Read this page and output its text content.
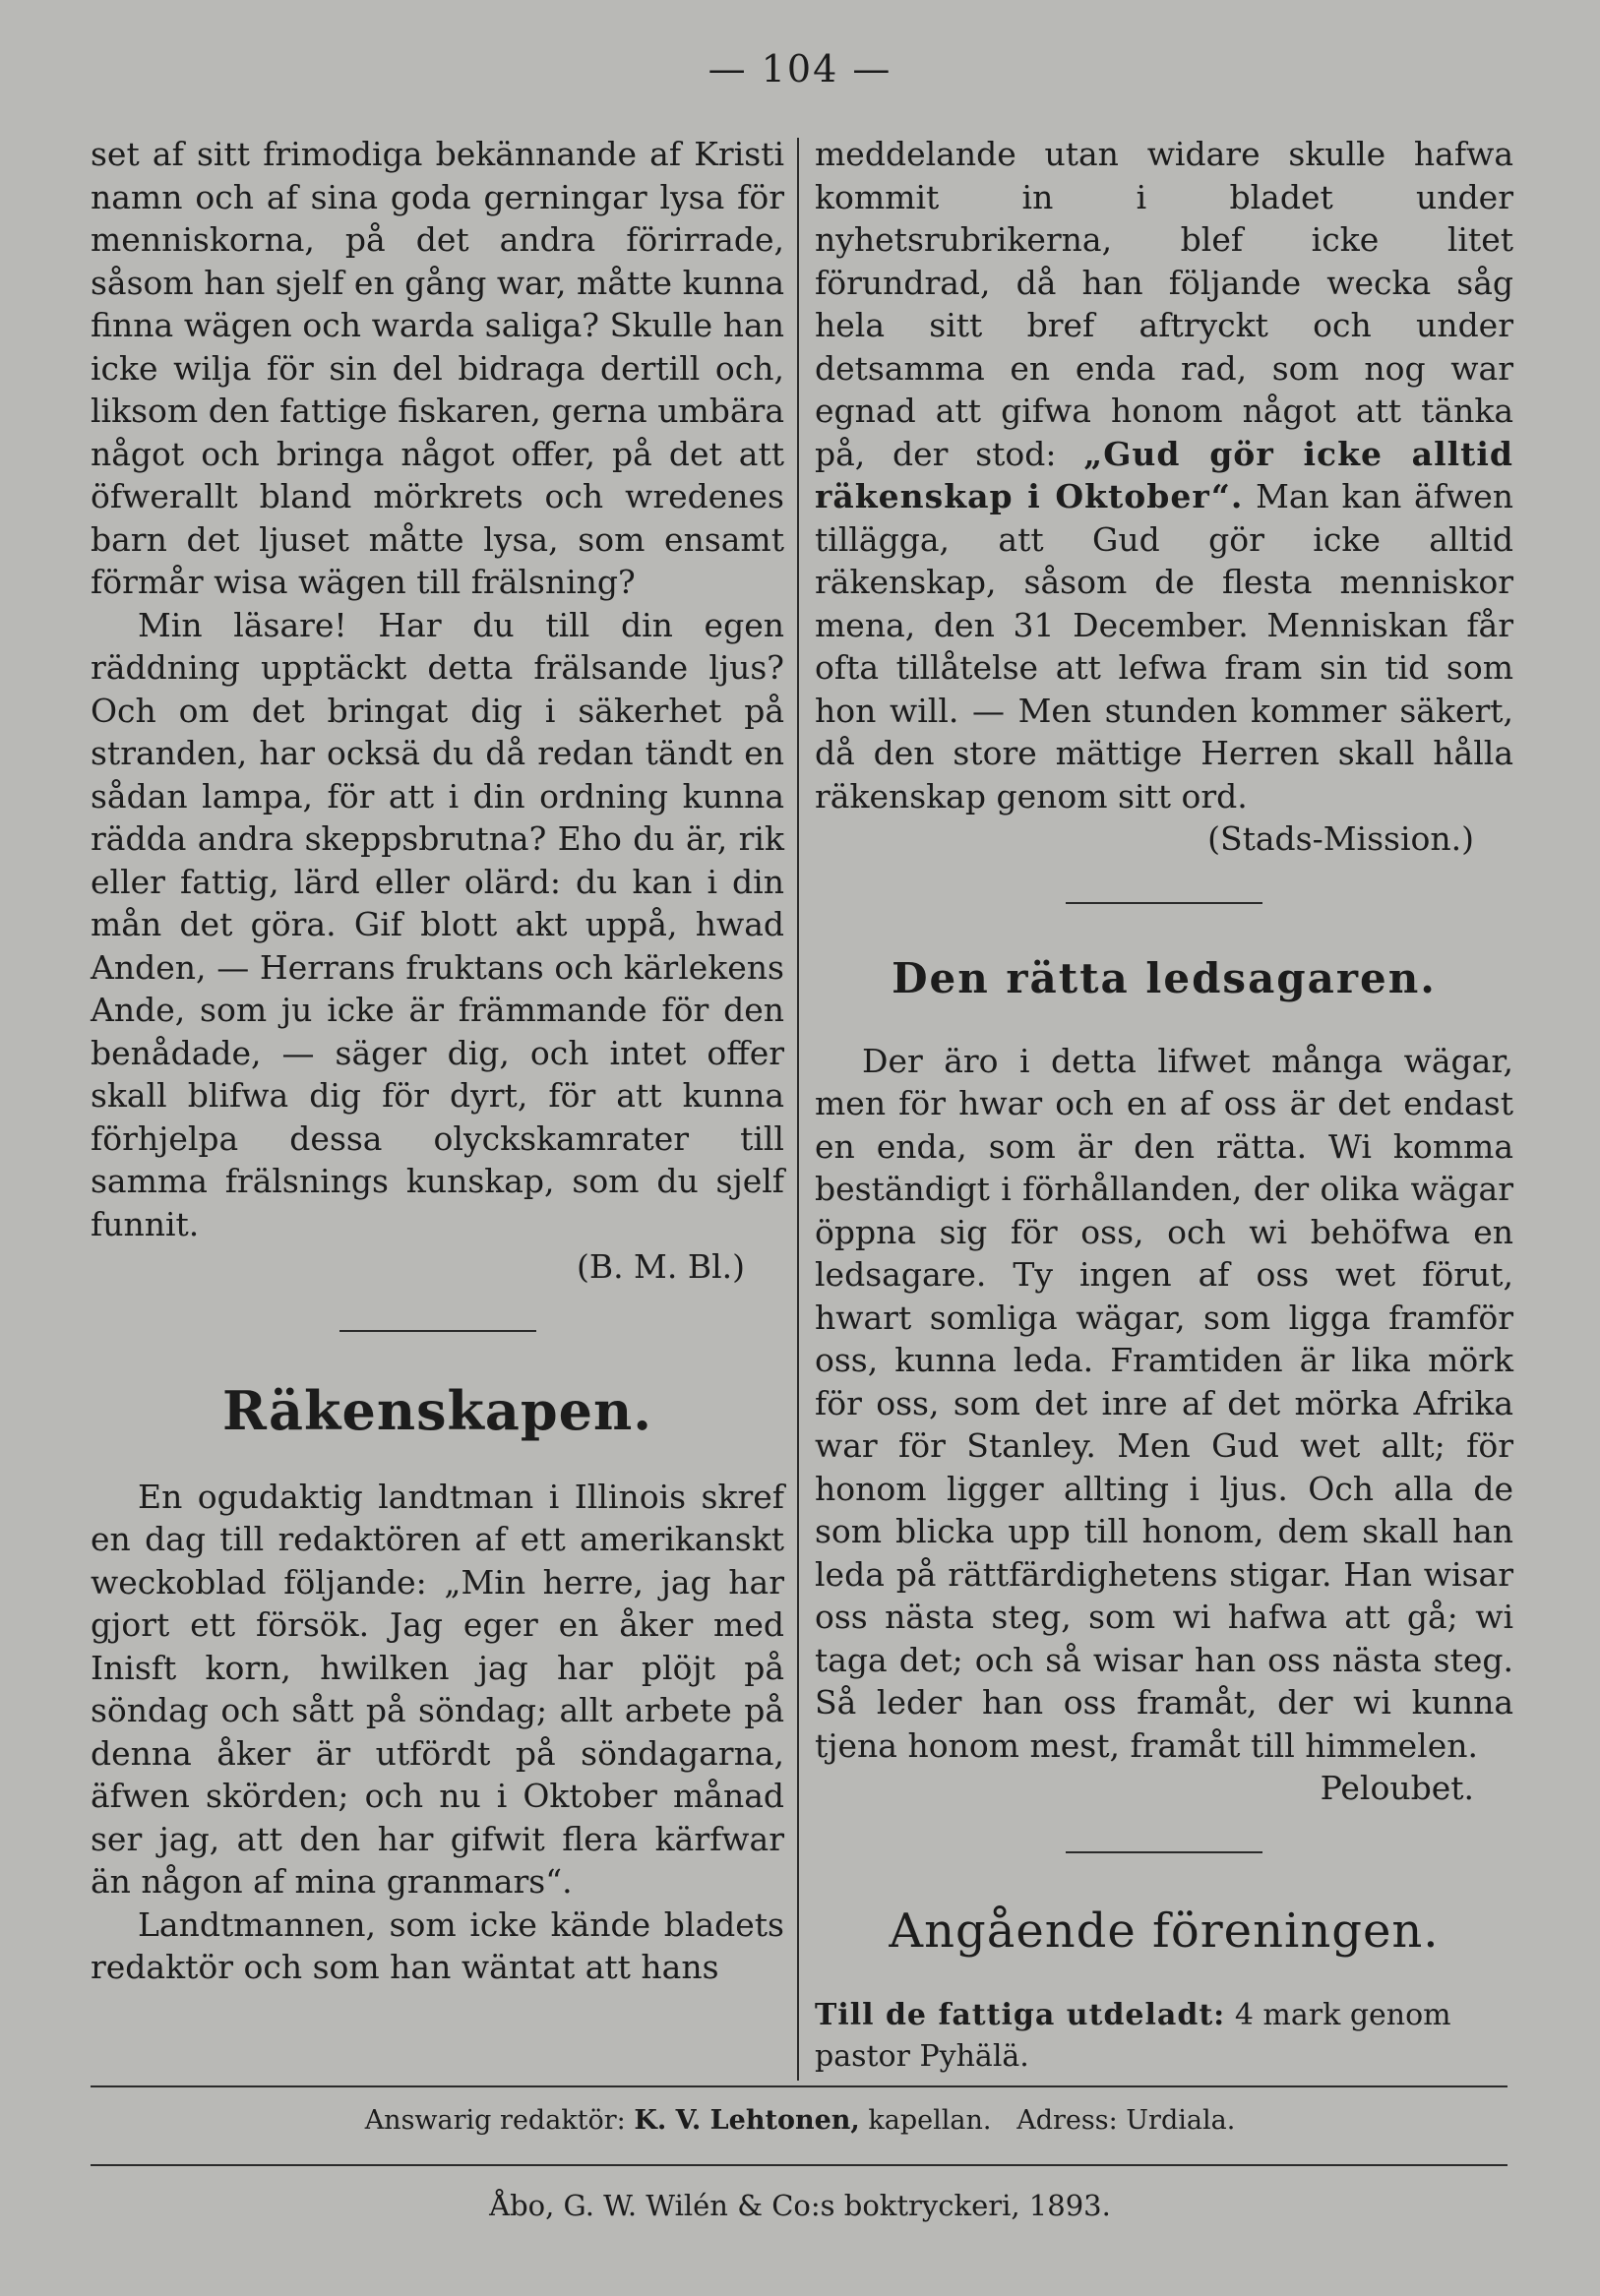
— 104 —

set af sitt frimodiga bekännande af Kristi namn och af sina goda gerningar lysa för menniskorna, på det andra förirrade, såsom han sjelf en gång war, måtte kunna finna wägen och warda saliga? Skulle han icke wilja för sin del bidraga dertill och, liksom den fattige fiskaren, gerna umbära något och bringa något offer, på det att öfwerallt bland mörkrets och wredenes barn det ljuset måtte lysa, som ensamt förmår wisa wägen till frälsning?

Min läsare! Har du till din egen räddning upptäckt detta frälsande ljus? Och om det bringat dig i säkerhet på stranden, har ocksä du då redan tändt en sådan lampa, för att i din ordning kunna rädda andra skeppsbrutna? Eho du är, rik eller fattig, lärd eller olärd: du kan i din mån det göra. Gif blott akt uppå, hwad Anden, — Herrans fruktans och kärlekens Ande, som ju icke är främmande för den benådade, — säger dig, och intet offer skall blifwa dig för dyrt, för att kunna förhjelpa dessa olyckskamrater till samma frälsnings kunskap, som du sjelf funnit.

(B. M. Bl.)

Räkenskapen.

En ogudaktig landtman i Illinois skref en dag till redaktören af ett amerikanskt weckoblad följande: „Min herre, jag har gjort ett försök. Jag eger en åker med Inisft korn, hwilken jag har plöjt på söndag och sått på söndag; allt arbete på denna åker är utfördt på söndagarna, äfwen skörden; och nu i Oktober månad ser jag, att den har gifwit flera kärfwar än någon af mina granmars“.

Landtmannen, som icke kände bladets redaktör och som han wäntat att hans

meddelande utan widare skulle hafwa kommit in i bladet under nyhetsrubrikerna, blef icke litet förundrad, då han följande wecka såg hela sitt bref aftryckt och under detsamma en enda rad, som nog war egnad att gifwa honom något att tänka på, der stod: „Gud gör icke alltid räkenskap i Oktober“. Man kan äfwen tillägga, att Gud gör icke alltid räkenskap, såsom de flesta menniskor mena, den 31 December. Menniskan får ofta tillåtelse att lefwa fram sin tid som hon will. — Men stunden kommer säkert, då den store mättige Herren skall hålla räkenskap genom sitt ord.

(Stads-Mission.)

Den rätta ledsagaren.

Der äro i detta lifwet många wägar, men för hwar och en af oss är det endast en enda, som är den rätta. Wi komma beständigt i förhållanden, der olika wägar öppna sig för oss, och wi behöfwa en ledsagare. Ty ingen af oss wet förut, hwart somliga wägar, som ligga framför oss, kunna leda. Framtiden är lika mörk för oss, som det inre af det mörka Afrika war för Stanley. Men Gud wet allt; för honom ligger allting i ljus. Och alla de som blicka upp till honom, dem skall han leda på rättfärdighetens stigar. Han wisar oss nästa steg, som wi hafwa att gå; wi taga det; och så wisar han oss nästa steg. Så leder han oss framåt, der wi kunna tjena honom mest, framåt till himmelen.

Peloubet.

Angående föreningen.

Till de fattiga utdeladt: 4 mark genom pastor Pyhälä.

Answarig redaktör: K. V. Lehtonen, kapellan. Adress: Urdiala.
Åbo, G. W. Wilén & Co:s boktryckeri, 1893.
